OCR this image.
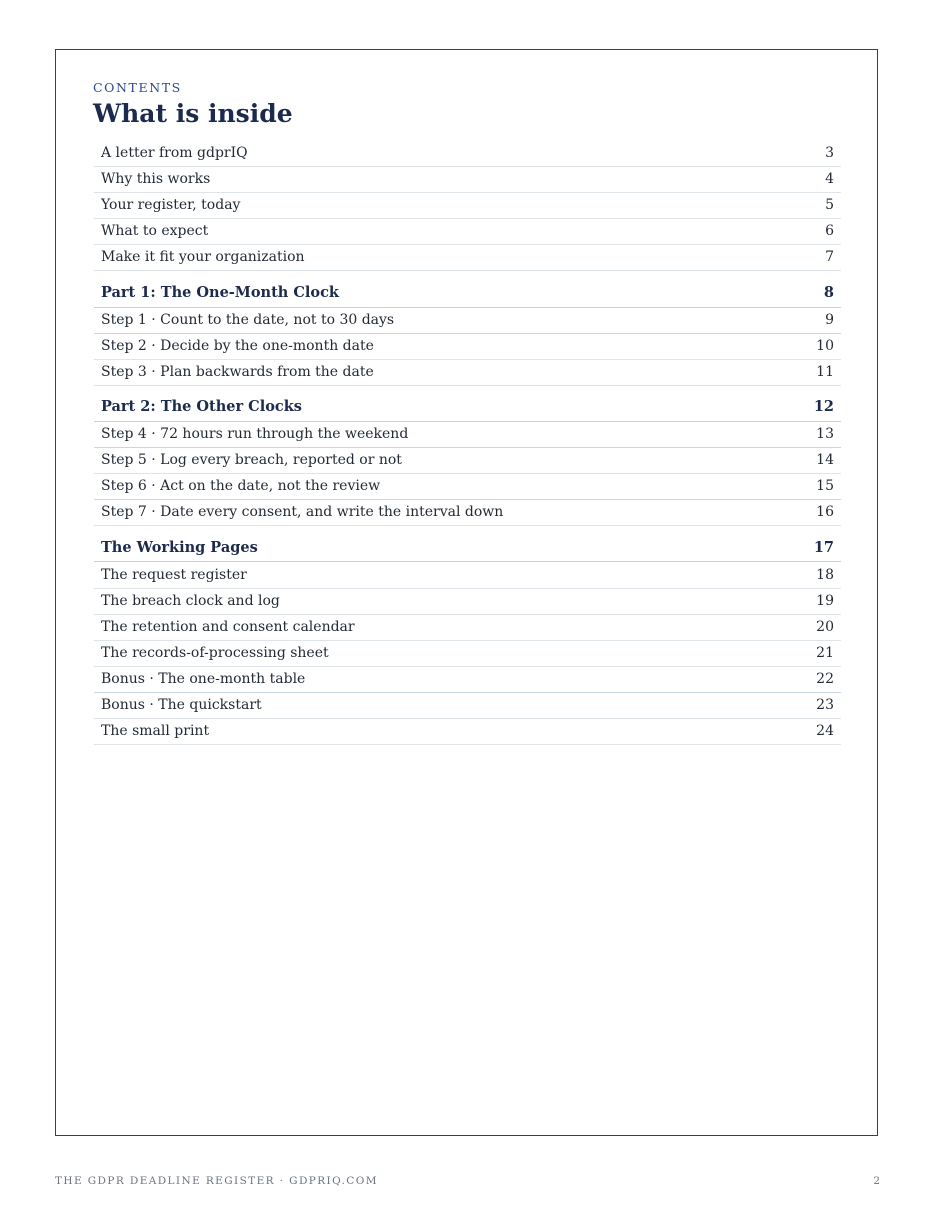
CONTENTS
What is inside
A letter from gdprIQ	3
Why this works	4
Your register, today	5
What to expect	6
Make it fit your organization	7
Part 1: The One-Month Clock	8
Step 1 · Count to the date, not to 30 days	9
Step 2 · Decide by the one-month date	10
Step 3 · Plan backwards from the date	11
Part 2: The Other Clocks	12
Step 4 · 72 hours run through the weekend	13
Step 5 · Log every breach, reported or not	14
Step 6 · Act on the date, not the review	15
Step 7 · Date every consent, and write the interval down	16
The Working Pages	17
The request register	18
The breach clock and log	19
The retention and consent calendar	20
The records-of-processing sheet	21
Bonus · The one-month table	22
Bonus · The quickstart	23
The small print	24
THE GDPR DEADLINE REGISTER · GDPRIQ.COM	2
